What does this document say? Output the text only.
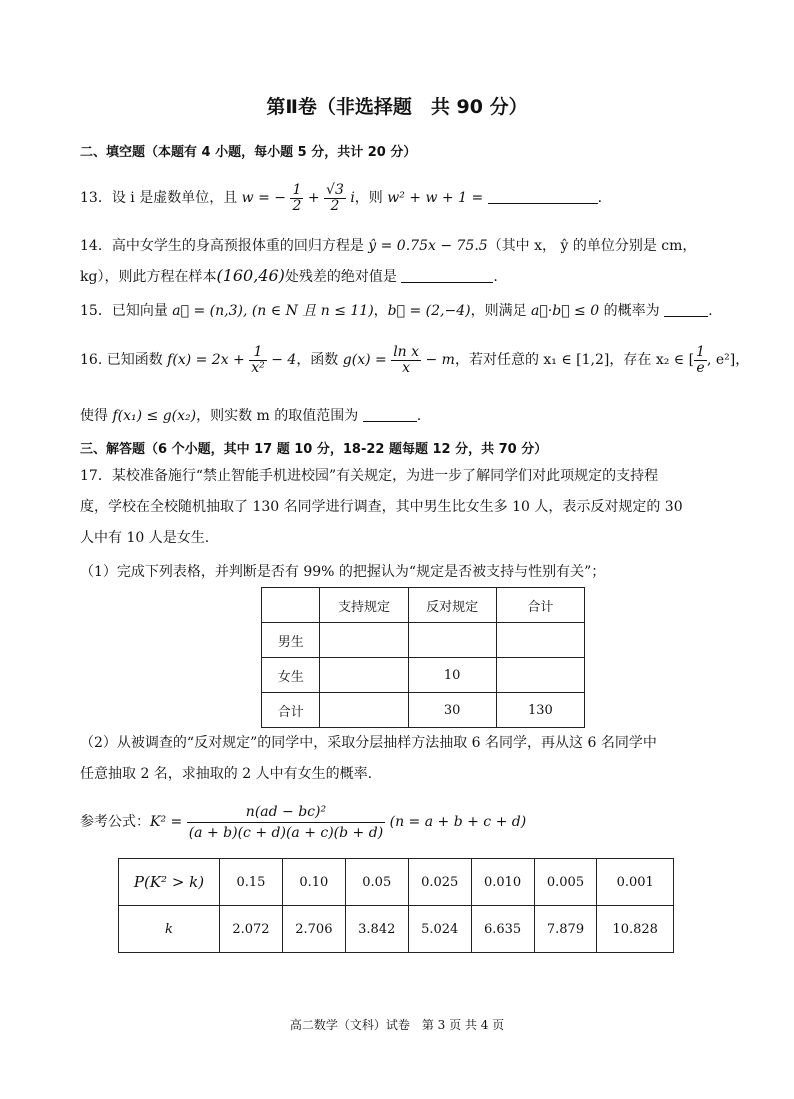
第Ⅱ卷（非选择题　共 90 分）
二、填空题（本题有 4 小题，每小题 5 分，共计 20 分）
13．设 i 是虚数单位，且 w = − $\frac{1}{2} + \frac{√3}{2}$ i，则 w² + w + 1 =	.
14．高中女学生的身高预报体重的回归方程是 ŷ = 0.75x − 75.5（其中 x， ŷ 的单位分别是 cm，
kg），则此方程在样本(160,46)处残差的绝对值是	.
15．已知向量 a⃗ = (n,3), (n ∈ N 且 n ≤ 11)，b⃗ = (2,−4)，则满足 a⃗·b⃗ ≤ 0 的概率为	.
16. 已知函数 $f(x) = 2x + \frac{1}{\text{x²}} - 4$，函数 $g(x) = \frac{\text{ln x}}{x} - m$，若对任意的 x₁ ∈ [1,2]，存在 x₂ ∈ [ $\frac{1}{e}$ , e²]，
使得 f(x₁) ≤ g(x₂)，则实数 m 的取值范围为	.
三、解答题（6 个小题，其中 17 题 10 分，18-22 题每题 12 分，共 70 分）
17．某校准备施行“禁止智能手机进校园”有关规定，为进一步了解同学们对此项规定的支持程
度，学校在全校随机抽取了 130 名同学进行调查，其中男生比女生多 10 人，表示反对规定的 30
人中有 10 人是女生.
（1）完成下列表格，并判断是否有 99% 的把握认为“规定是否被支持与性别有关”；
	支持规定	反对规定	合计
男生			
女生		10	
合计		30	130
（2）从被调查的“反对规定”的同学中，采取分层抽样方法抽取 6 名同学，再从这 6 名同学中
任意抽取 2 名，求抽取的 2 人中有女生的概率.
参考公式：$K^2 = \frac{\text{n(ad − bc)²}}{(a + b)(c + d)(a + c)(b + d)} (n = a + b + c + d)$
P(K² > k)	0.15	0.10	0.05	0.025	0.010	0.005	0.001
k	2.072	2.706	3.842	5.024	6.635	7.879	10.828
高二数学（文科）试卷　第 3 页 共 4 页
